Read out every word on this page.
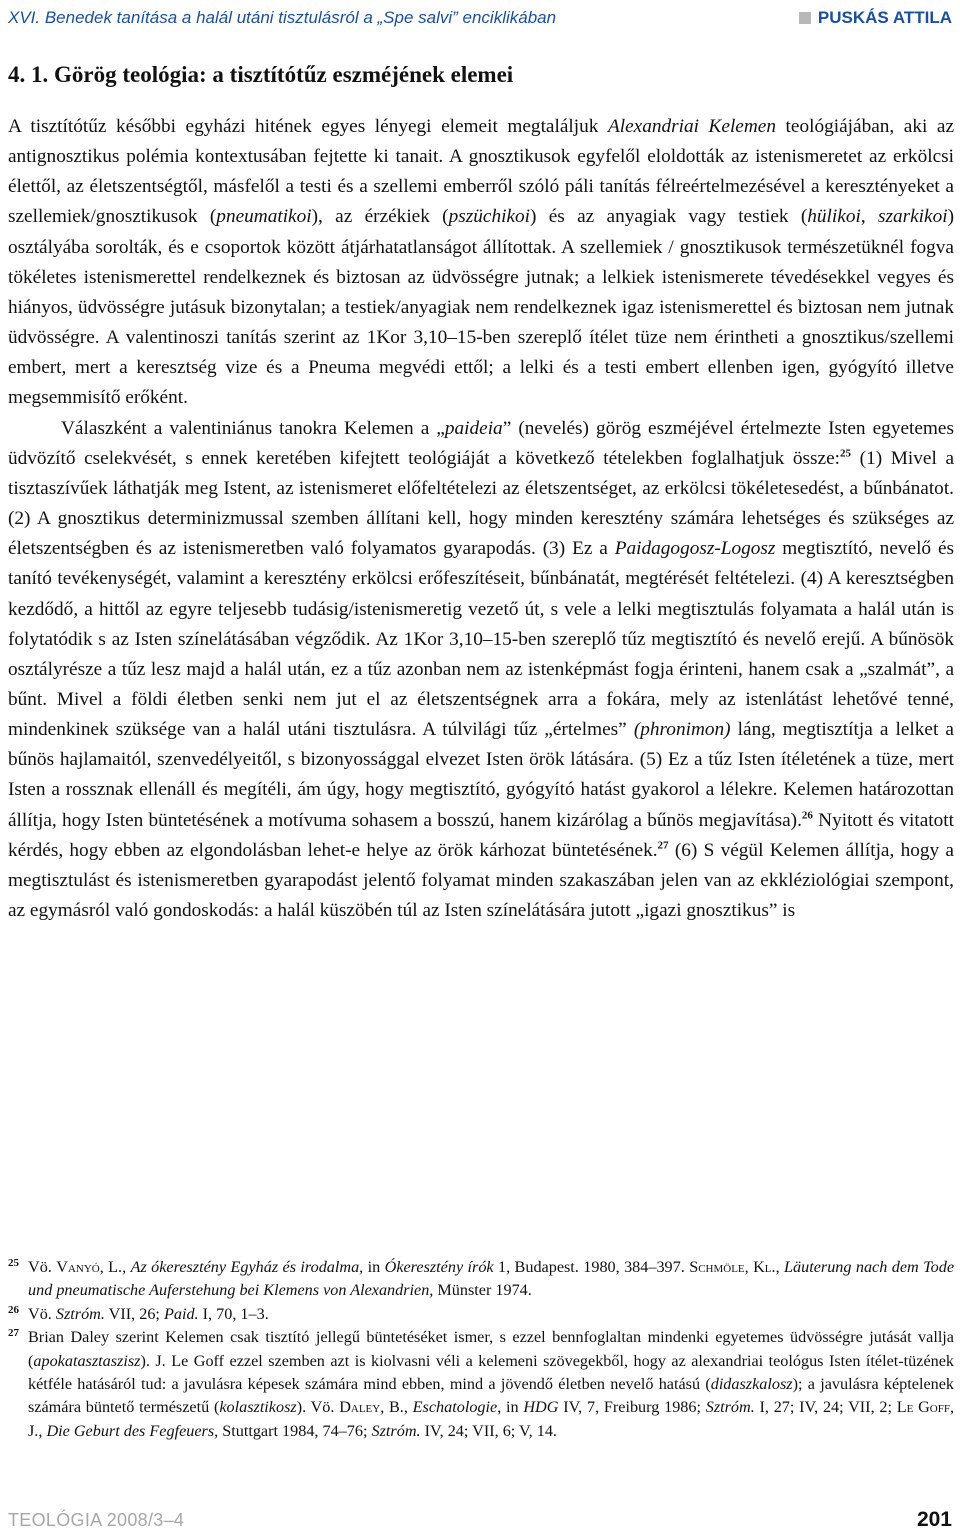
XVI. Benedek tanítása a halál utáni tisztulásról a „Spe salvi” enciklikában	PUSKÁS ATTILA
4. 1. Görög teológia: a tisztítótűz eszméjének elemei

A tisztítótűz későbbi egyházi hitének egyes lényegi elemeit megtaláljuk Alexandriai Kelemen teológiájában, aki az antignosztikus polémia kontextusában fejtette ki tanait. A gnosztikusok egyfelől eloldották az istenismeretet az erkölcsi élettől, az életszentségtől, másfelől a testi és a szellemi emberről szóló páli tanítás félreértelmezésével a keresztényeket a szellemiek/gnosztikusok (pneumatikoi), az érzékiek (pszüchikoi) és az anyagiak vagy testiek (hülikoi, szarkikoi) osztályába sorolták, és e csoportok között átjárhatatlanságot állítottak. A szellemiek / gnosztikusok természetüknél fogva tökéletes istenismerettel rendelkeznek és biztosan az üdvösségre jutnak; a lelkiek istenismerete tévedésekkel vegyes és hiányos, üdvösségre jutásuk bizonytalan; a testiek/anyagiak nem rendelkeznek igaz istenismerettel és biztosan nem jutnak üdvösségre. A valentinoszi tanítás szerint az 1Kor 3,10–15-ben szereplő ítélet tüze nem érintheti a gnosztikus/szellemi embert, mert a keresztség vize és a Pneuma megvédi ettől; a lelki és a testi embert ellenben igen, gyógyító illetve megsemmisítő erőként.

Válaszként a valentiniánus tanokra Kelemen a „paideia” (nevelés) görög eszméjével értelmezte Isten egyetemes üdvözítő cselekvését, s ennek keretében kifejtett teológiáját a következő tételekben foglalhatjuk össze:$^{25}$ (1) Mivel a tisztaszívűek láthatják meg Istent, az istenismeret előfeltételezi az életszentséget, az erkölcsi tökéletesedést, a bűnbánatot. (2) A gnosztikus determinizmussal szemben állítani kell, hogy minden keresztény számára lehetséges és szükséges az életszentségben és az istenismeretben való folyamatos gyarapodás. (3) Ez a Paidagogosz-Logosz megtisztító, nevelő és tanító tevékenységét, valamint a keresztény erkölcsi erőfeszítéseit, bűnbánatát, megtérését feltételezi. (4) A keresztségben kezdődő, a hittől az egyre teljesebb tudásig/istenismeretig vezető út, s vele a lelki megtisztulás folyamata a halál után is folytatódik s az Isten színelátásában végződik. Az 1Kor 3,10–15-ben szereplő tűz megtisztító és nevelő erejű. A bűnösök osztályrésze a tűz lesz majd a halál után, ez a tűz azonban nem az istenképmást fogja érinteni, hanem csak a „szalmát”, a bűnt. Mivel a földi életben senki nem jut el az életszentségnek arra a fokára, mely az istenlátást lehetővé tenné, mindenkinek szüksége van a halál utáni tisztulásra. A túlvilági tűz „értelmes” (phronimon) láng, megtisztítja a lelket a bűnös hajlamaitól, szenvedélyeitől, s bizonyossággal elvezet Isten örök látására. (5) Ez a tűz Isten ítéletének a tüze, mert Isten a rossznak ellenáll és megítéli, ám úgy, hogy megtisztító, gyógyító hatást gyakorol a lélekre. Kelemen határozottan állítja, hogy Isten büntetésének a motívuma sohasem a bosszú, hanem kizárólag a bűnös megjavítása).$^{26}$ Nyitott és vitatott kérdés, hogy ebben az elgondolásban lehet-e helye az örök kárhozat büntetésének.$^{27}$ (6) S végül Kelemen állítja, hogy a megtisztulást és istenismeretben gyarapodást jelentő folyamat minden szakaszában jelen van az ekkléziológiai szempont, az egymásról való gondoskodás: a halál küszöbén túl az Isten színelátására jutott „igazi gnosztikus” is

25 Vö. Vanyó, L., Az ókeresztény Egyház és irodalma, in Ókeresztény írók 1, Budapest. 1980, 384–397. Schmöle, Kl., Läuterung nach dem Tode und pneumatische Auferstehung bei Klemens von Alexandrien, Münster 1974.
26 Vö. Sztróm. VII, 26; Paid. I, 70, 1–3.
27 Brian Daley szerint Kelemen csak tisztító jellegű büntetéséket ismer, s ezzel bennfoglaltan mindenki egyetemes üdvösségre jutását vallja (apokatasztaszisz). J. Le Goff ezzel szemben azt is kiolvasni véli a kelemeni szövegekből, hogy az alexandriai teológus Isten ítélet-tüzének kétféle hatásáról tud: a javulásra képesek számára mind ebben, mind a jövendő életben nevelő hatású (didaszkalosz); a javulásra képtelenek számára büntető természetű (kolasztikosz). Vö. Daley, B., Eschatologie, in HDG IV, 7, Freiburg 1986; Sztróm. I, 27; IV, 24; VII, 2; Le Goff, J., Die Geburt des Fegfeuers, Stuttgart 1984, 74–76; Sztróm. IV, 24; VII, 6; V, 14.
TEOLÓGIA 2008/3–4	201
